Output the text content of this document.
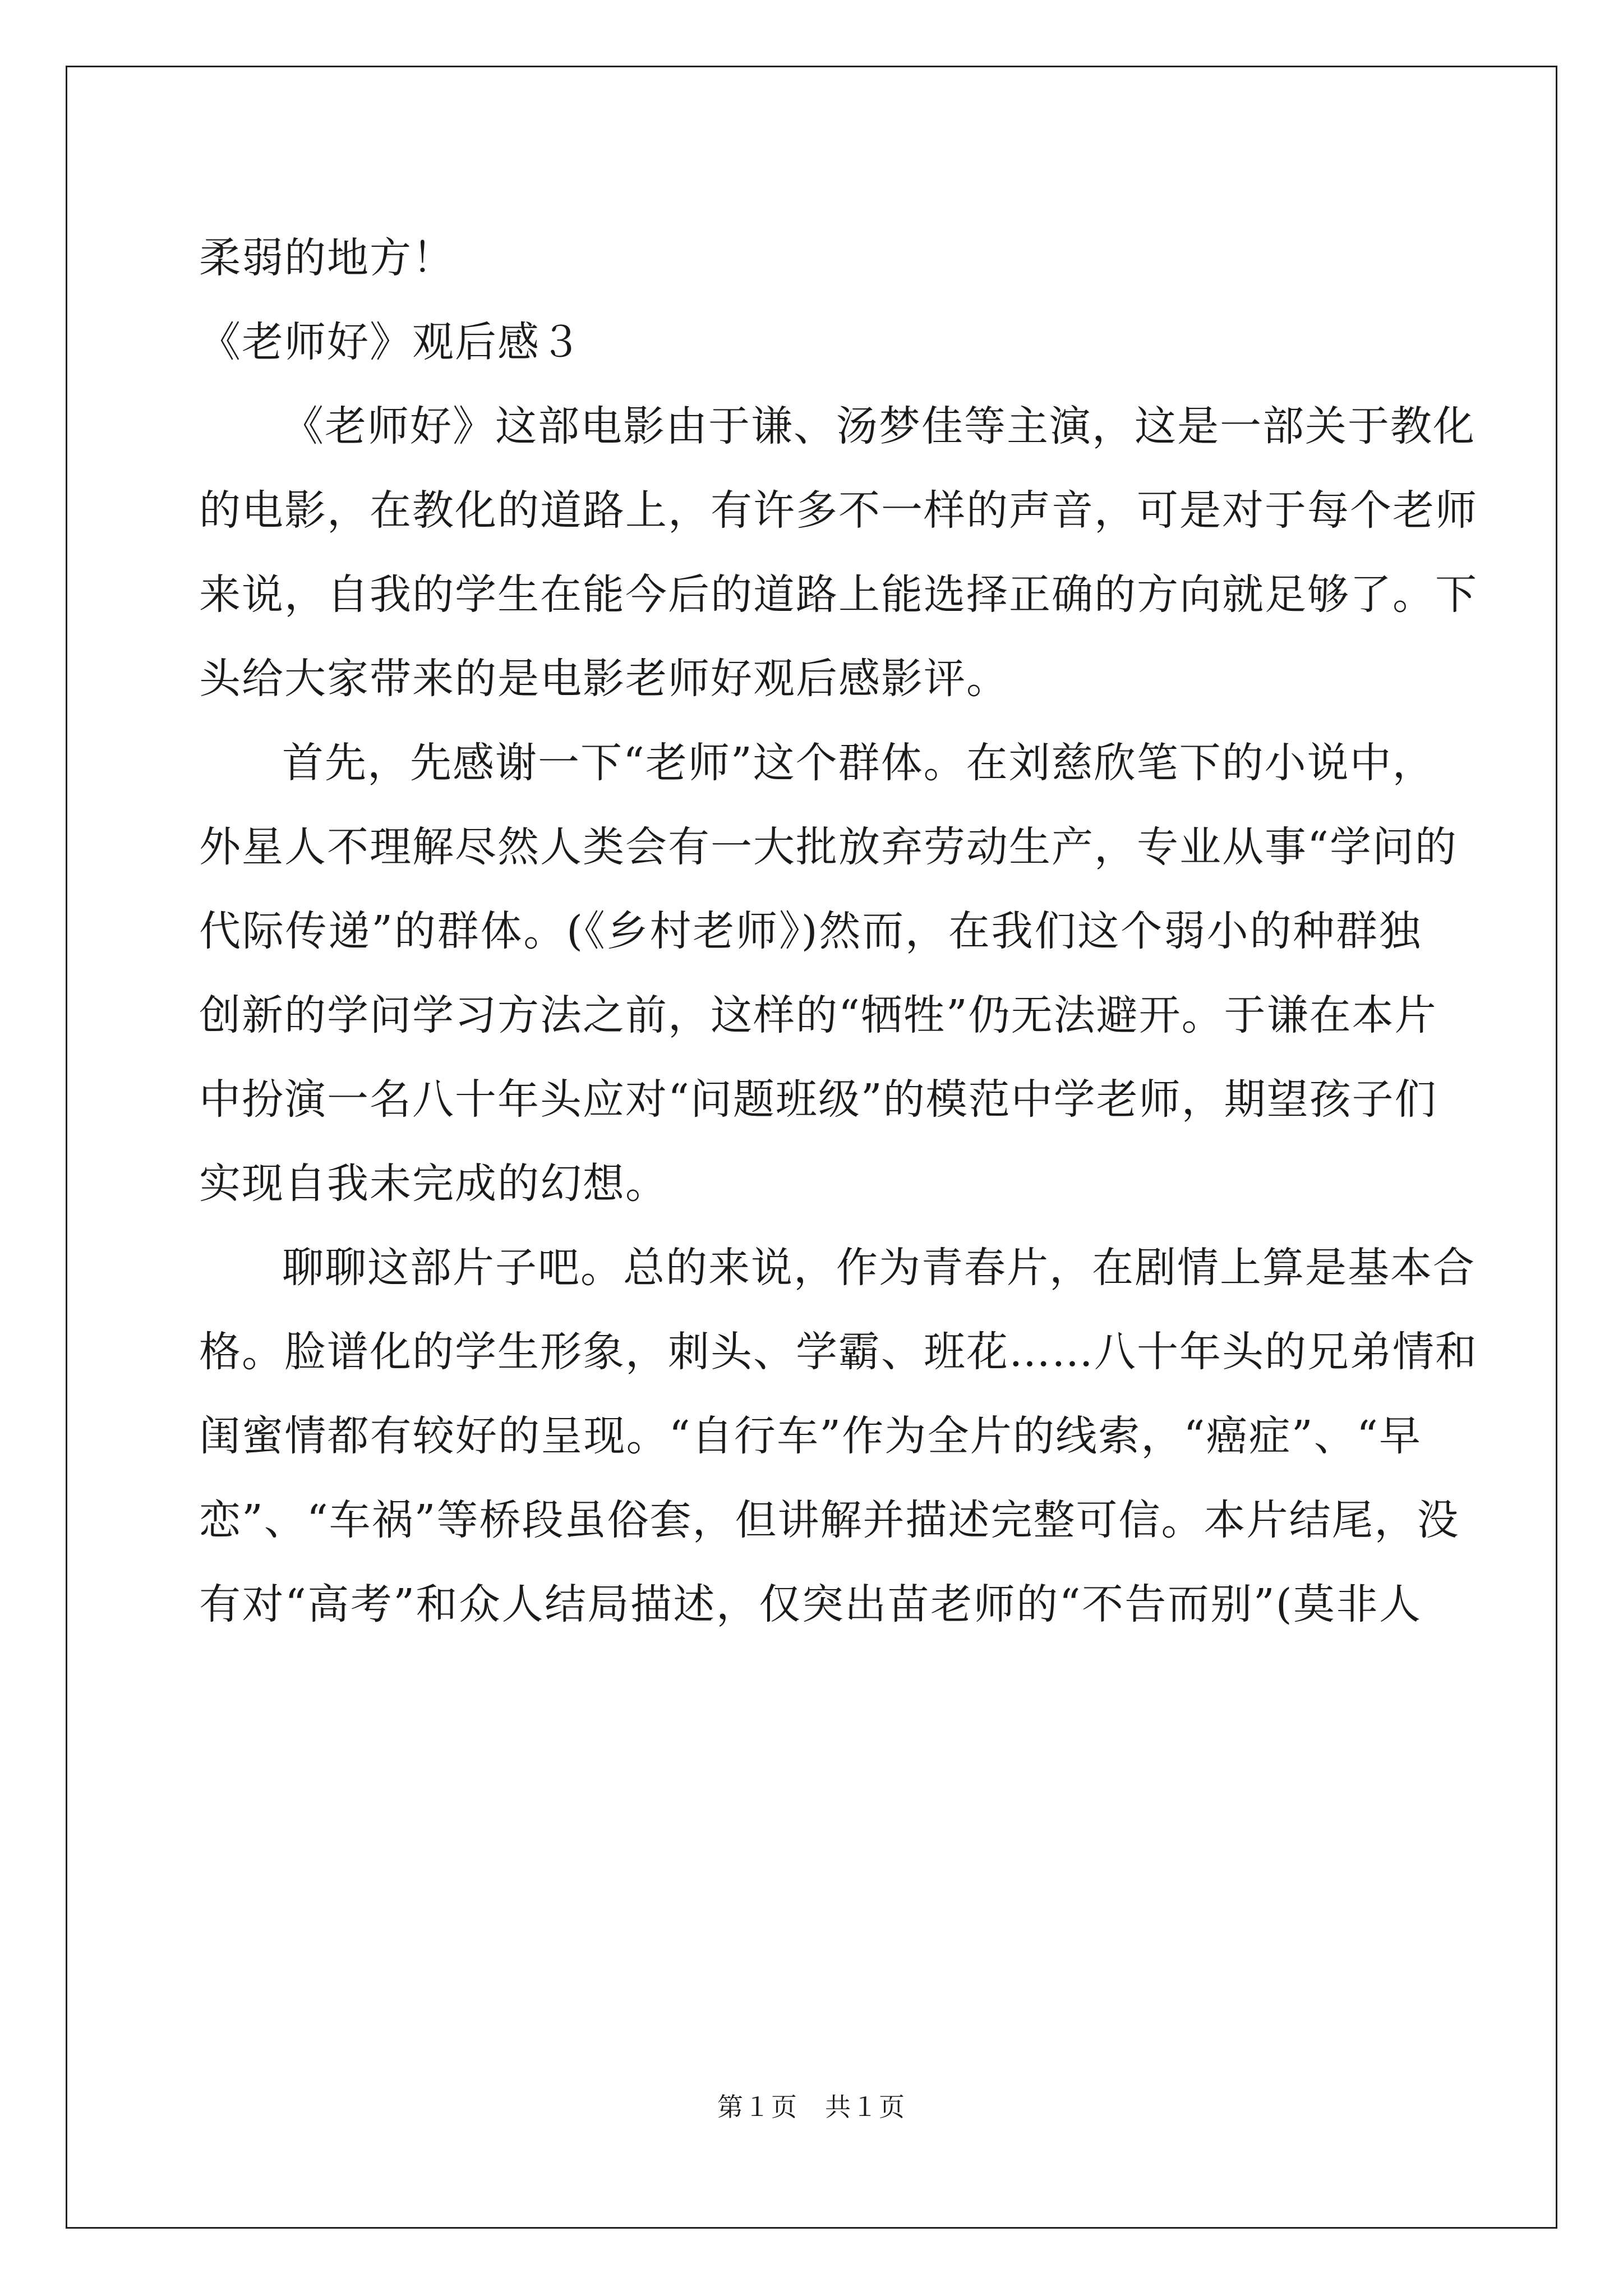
柔弱的地方！
《老师好》观后感３
《老师好》这部电影由于谦、汤梦佳等主演，这是一部关于教化
的电影，在教化的道路上，有许多不一样的声音，可是对于每个老师
来说，自我的学生在能今后的道路上能选择正确的方向就足够了。下
头给大家带来的是电影老师好观后感影评。
首先，先感谢一下“老师”这个群体。在刘慈欣笔下的小说中，
外星人不理解尽然人类会有一大批放弃劳动生产，专业从事“学问的
代际传递”的群体。(《乡村老师》)然而，在我们这个弱小的种群独
创新的学问学习方法之前，这样的“牺牲”仍无法避开。于谦在本片
中扮演一名八十年头应对“问题班级”的模范中学老师，期望孩子们
实现自我未完成的幻想。
聊聊这部片子吧。总的来说，作为青春片，在剧情上算是基本合
格。脸谱化的学生形象，刺头、学霸、班花……八十年头的兄弟情和
闺蜜情都有较好的呈现。“自行车”作为全片的线索，“癌症”、“早
恋”、“车祸”等桥段虽俗套，但讲解并描述完整可信。本片结尾，没
有对“高考”和众人结局描述，仅突出苗老师的“不告而别”(莫非人
第１页　共１页
